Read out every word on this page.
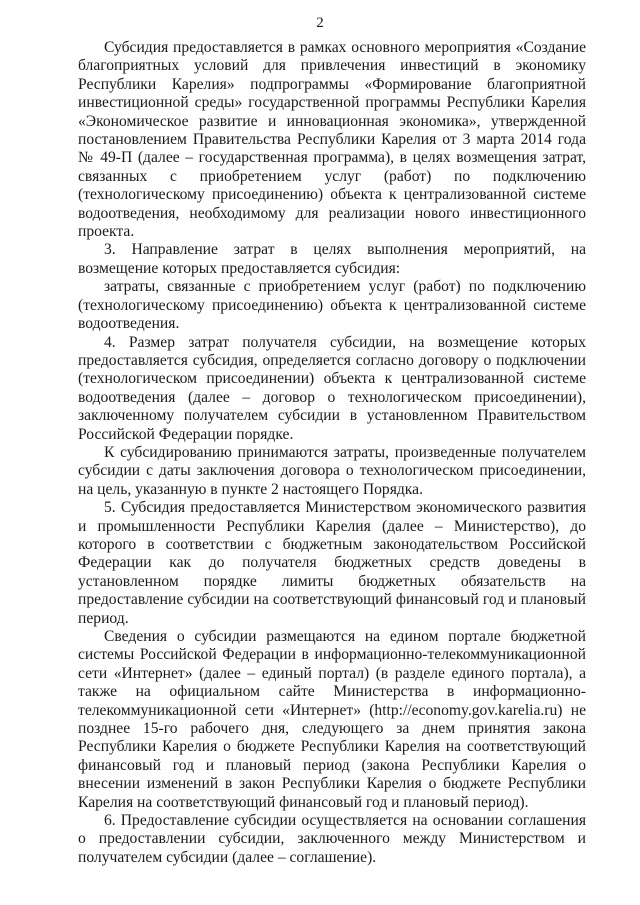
2

Субсидия предоставляется в рамках основного мероприятия «Создание благоприятных условий для привлечения инвестиций в экономику Республики Карелия» подпрограммы «Формирование благоприятной инвестиционной среды» государственной программы Республики Карелия «Экономическое развитие и инновационная экономика», утвержденной постановлением Правительства Республики Карелия от 3 марта 2014 года № 49-П (далее – государственная программа), в целях возмещения затрат, связанных с приобретением услуг (работ) по подключению (технологическому присоединению) объекта к централизованной системе водоотведения, необходимому для реализации нового инвестиционного проекта.

3. Направление затрат в целях выполнения мероприятий, на возмещение которых предоставляется субсидия:

затраты, связанные с приобретением услуг (работ) по подключению (технологическому присоединению) объекта к централизованной системе водоотведения.

4. Размер затрат получателя субсидии, на возмещение которых предоставляется субсидия, определяется согласно договору о подключении (технологическом присоединении) объекта к централизованной системе водоотведения (далее – договор о технологическом присоединении), заключенному получателем субсидии в установленном Правительством Российской Федерации порядке.

К субсидированию принимаются затраты, произведенные получателем субсидии с даты заключения договора о технологическом присоединении, на цель, указанную в пункте 2 настоящего Порядка.

5. Субсидия предоставляется Министерством экономического развития и промышленности Республики Карелия (далее – Министерство), до которого в соответствии с бюджетным законодательством Российской Федерации как до получателя бюджетных средств доведены в установленном порядке лимиты бюджетных обязательств на предоставление субсидии на соответствующий финансовый год и плановый период.

Сведения о субсидии размещаются на едином портале бюджетной системы Российской Федерации в информационно-телекоммуникационной сети «Интернет» (далее – единый портал) (в разделе единого портала), а также на официальном сайте Министерства в информационно-телекоммуникационной сети «Интернет» (http://economy.gov.karelia.ru) не позднее 15-го рабочего дня, следующего за днем принятия закона Республики Карелия о бюджете Республики Карелия на соответствующий финансовый год и плановый период (закона Республики Карелия о внесении изменений в закон Республики Карелия о бюджете Республики Карелия на соответствующий финансовый год и плановый период).

6. Предоставление субсидии осуществляется на основании соглашения о предоставлении субсидии, заключенного между Министерством и получателем субсидии (далее – соглашение).
